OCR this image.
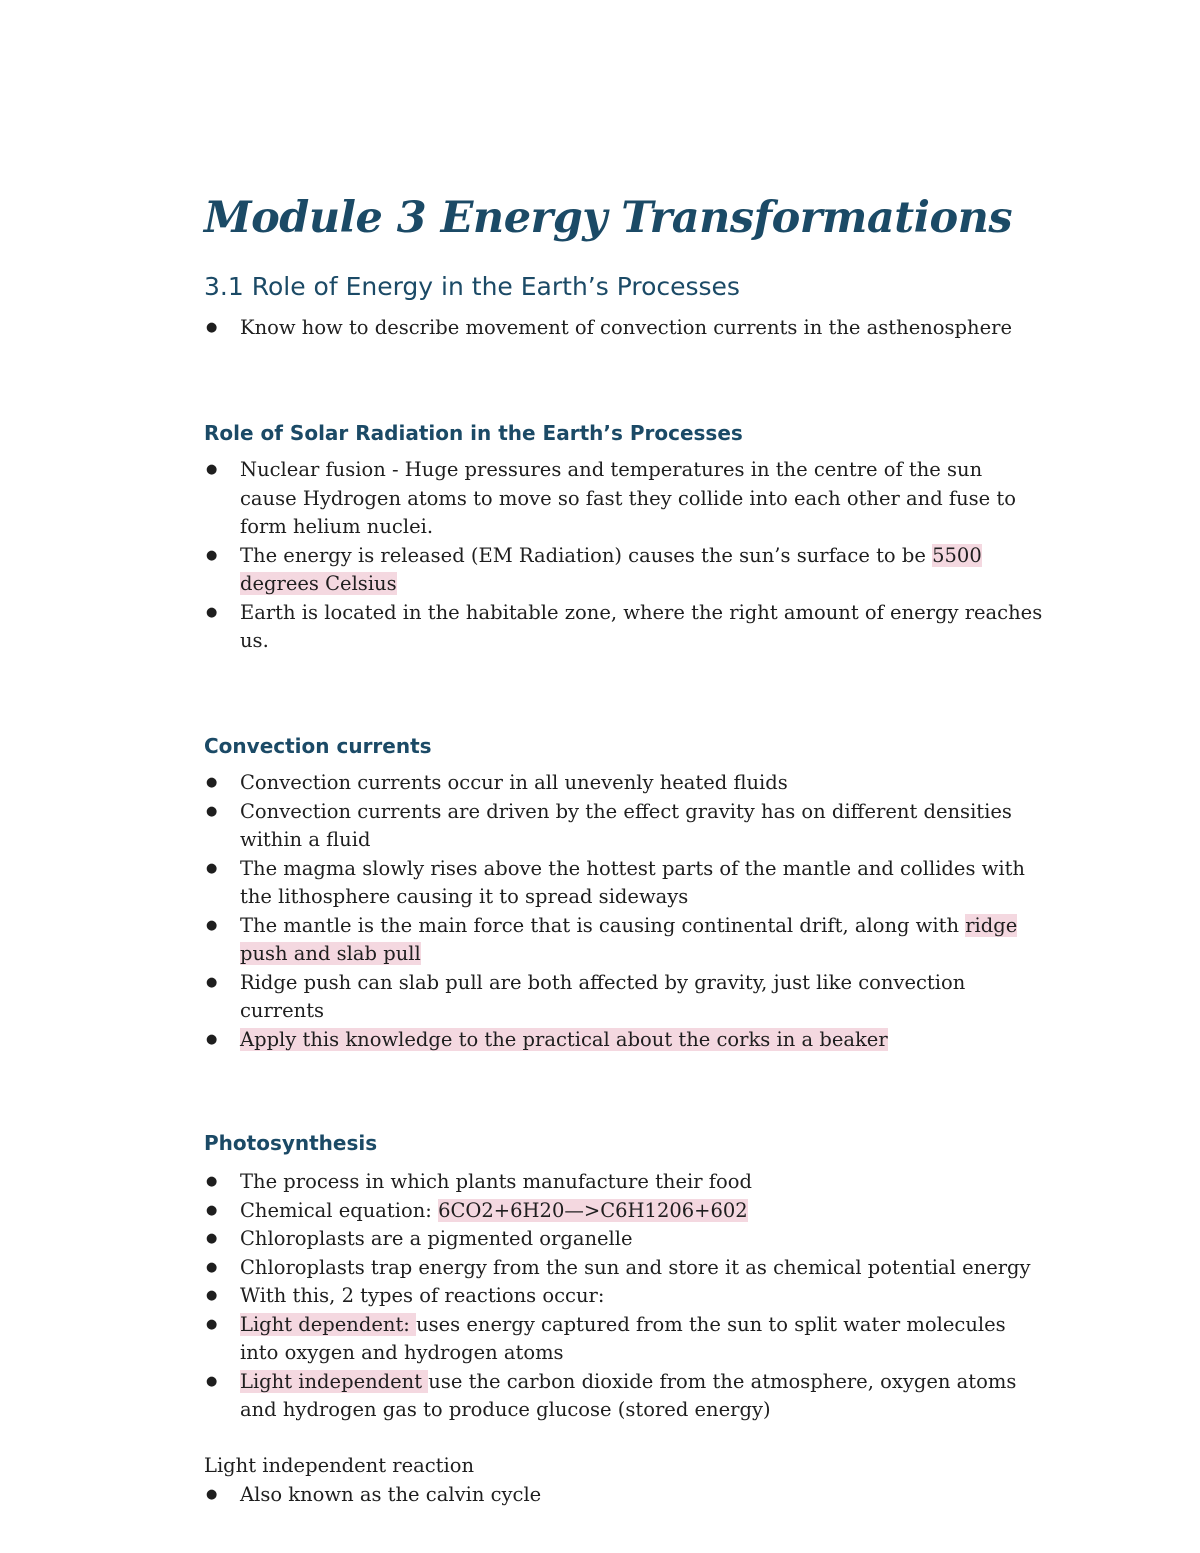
Module 3 Energy Transformations
3.1 Role of Energy in the Earth’s Processes
● Know how to describe movement of convection currents in the asthenosphere
Role of Solar Radiation in the Earth’s Processes
● Nuclear fusion - Huge pressures and temperatures in the centre of the sun cause Hydrogen atoms to move so fast they collide into each other and fuse to form helium nuclei.
● The energy is released (EM Radiation) causes the sun’s surface to be 5500 degrees Celsius
● Earth is located in the habitable zone, where the right amount of energy reaches us.
Convection currents
● Convection currents occur in all unevenly heated fluids
● Convection currents are driven by the effect gravity has on different densities within a fluid
● The magma slowly rises above the hottest parts of the mantle and collides with the lithosphere causing it to spread sideways
● The mantle is the main force that is causing continental drift, along with ridge push and slab pull
● Ridge push can slab pull are both affected by gravity, just like convection currents
● Apply this knowledge to the practical about the corks in a beaker
Photosynthesis
● The process in which plants manufacture their food
● Chemical equation: 6CO2+6H20—>C6H1206+602
● Chloroplasts are a pigmented organelle
● Chloroplasts trap energy from the sun and store it as chemical potential energy
● With this, 2 types of reactions occur:
● Light dependent: uses energy captured from the sun to split water molecules into oxygen and hydrogen atoms
● Light independent use the carbon dioxide from the atmosphere, oxygen atoms and hydrogen gas to produce glucose (stored energy)

Light independent reaction

● Also known as the calvin cycle
